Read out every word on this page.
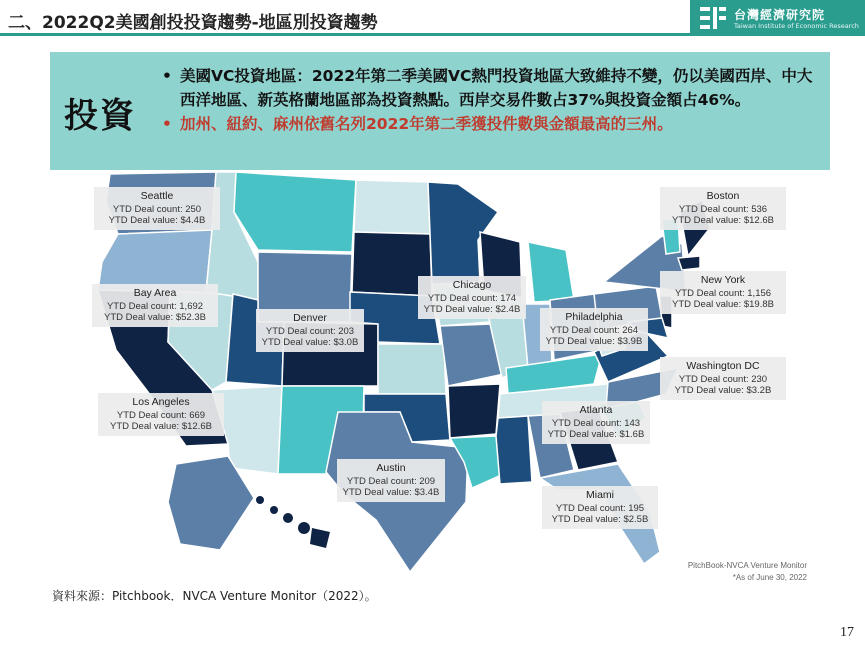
二、2022Q2美國創投投資趨勢-地區別投資趨勢	台灣經濟研究院
Taiwan Institute of Economic Research
投資
• 美國VC投資地區：2022年第二季美國VC熱門投資地區大致維持不變，仍以美國西岸、中大西洋地區、新英格蘭地區部為投資熱點。西岸交易件數占37%與投資金額占46%。
• 加州、紐約、麻州依舊名列2022年第二季獲投件數與金額最高的三州。
Seattle
YTD Deal count: 250
YTD Deal value: $4.4B
Bay Area
YTD Deal count: 1,692
YTD Deal value: $52.3B
Los Angeles
YTD Deal count: 669
YTD Deal value: $12.6B
Denver
YTD Deal count: 203
YTD Deal value: $3.0B
Chicago
YTD Deal count: 174
YTD Deal value: $2.4B
Austin
YTD Deal count: 209
YTD Deal value: $3.4B
Boston
YTD Deal count: 536
YTD Deal value: $12.6B
New York
YTD Deal count: 1,156
YTD Deal value: $19.8B
Philadelphia
YTD Deal count: 264
YTD Deal value: $3.9B
Washington DC
YTD Deal count: 230
YTD Deal value: $3.2B
Atlanta
YTD Deal count: 143
YTD Deal value: $1.6B
Miami
YTD Deal count: 195
YTD Deal value: $2.5B
PitchBook-NVCA Venture Monitor
*As of June 30, 2022
資料來源：Pitchbook．NVCA Venture Monitor（2022）。
17
